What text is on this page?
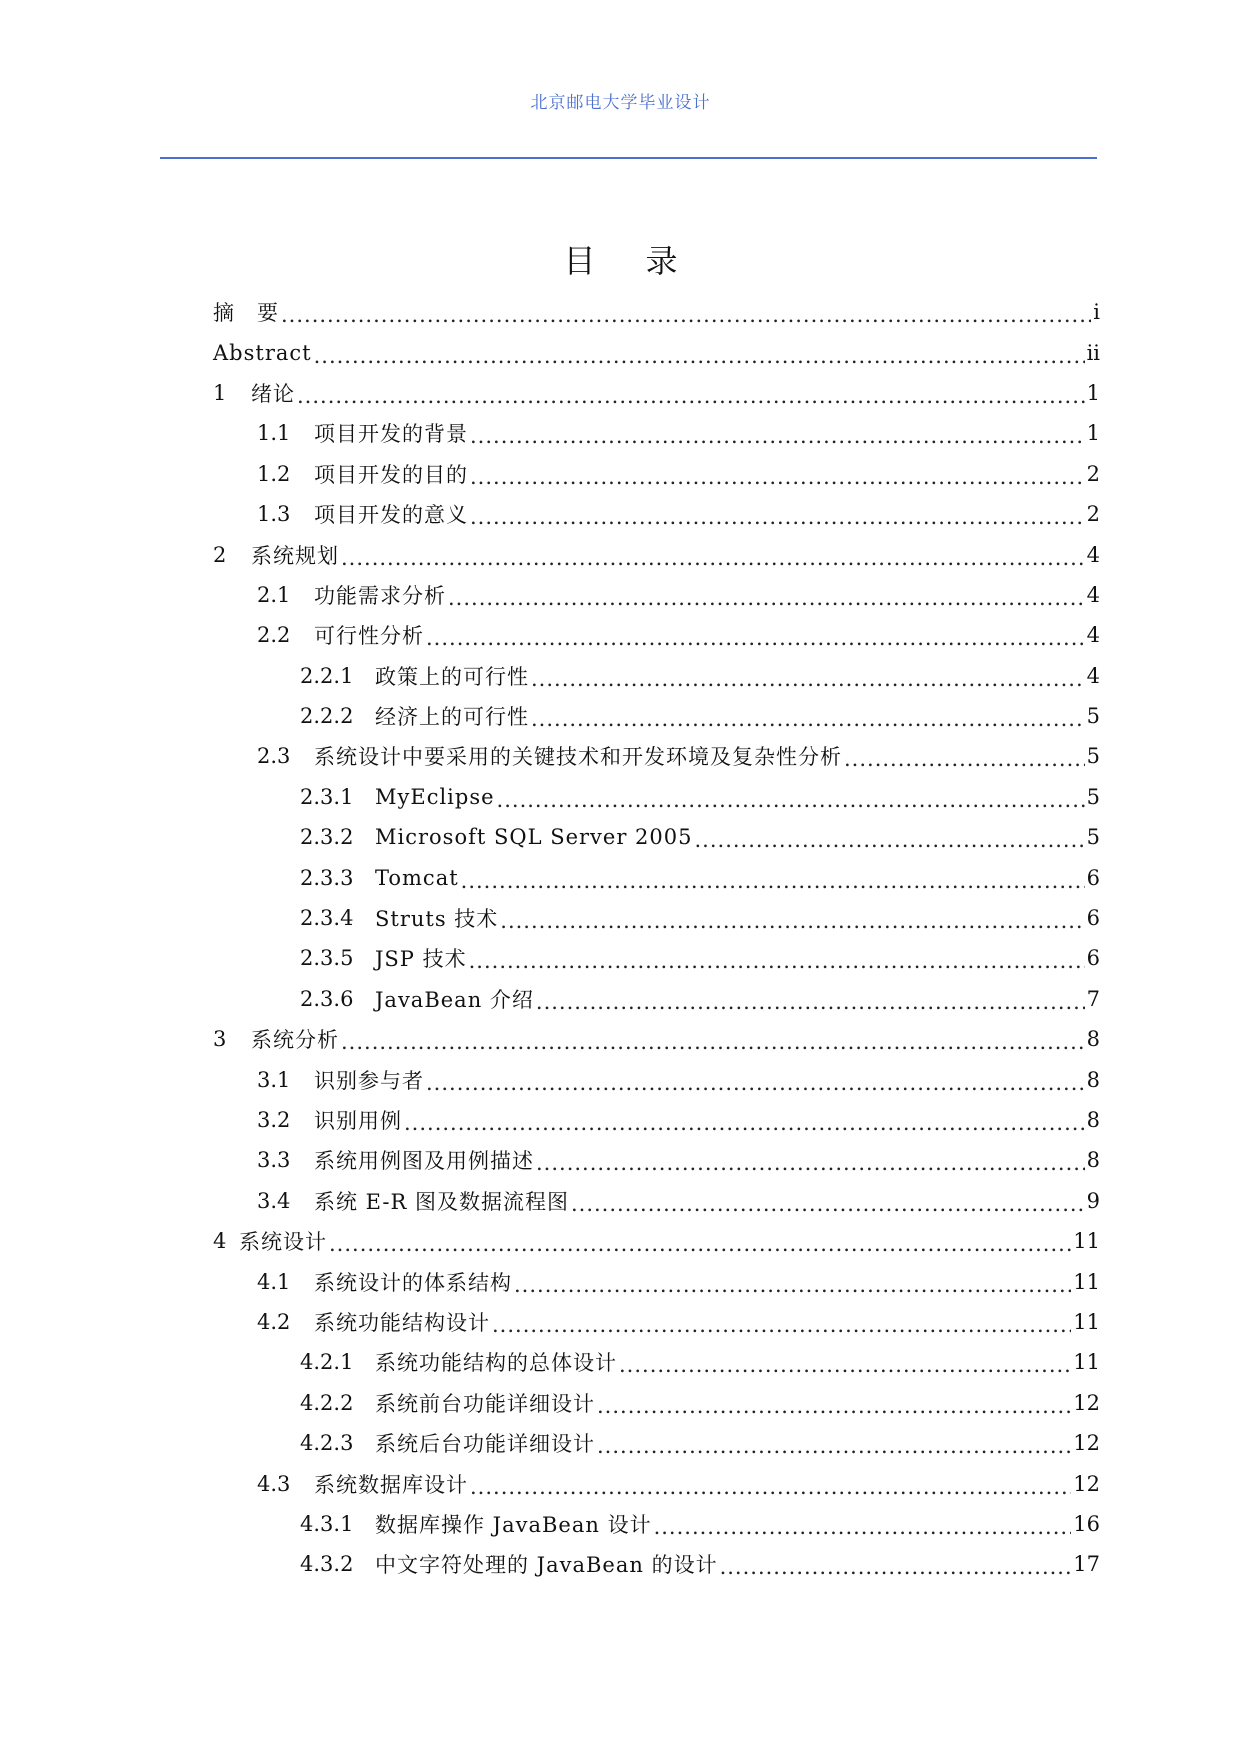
北京邮电大学毕业设计
目录
摘　要 .....	i
Abstract .....	ii
1	绪论 .....	1
1.1	项目开发的背景 .....	1
1.2	项目开发的目的 .....	2
1.3	项目开发的意义 .....	2
2	系统规划 .....	4
2.1	功能需求分析 .....	4
2.2	可行性分析 .....	4
2.2.1	政策上的可行性 .....	4
2.2.2	经济上的可行性 .....	5
2.3	系统设计中要采用的关键技术和开发环境及复杂性分析 .....	5
2.3.1	MyEclipse .....	5
2.3.2	Microsoft SQL Server 2005 .....	5
2.3.3	Tomcat .....	6
2.3.4	Struts 技术 .....	6
2.3.5	JSP 技术 .....	6
2.3.6	JavaBean 介绍 .....	7
3	系统分析 .....	8
3.1	识别参与者 .....	8
3.2	识别用例 .....	8
3.3	系统用例图及用例描述 .....	8
3.4	系统 E-R 图及数据流程图 .....	9
4 系统设计 .....	11
4.1	系统设计的体系结构 .....	11
4.2	系统功能结构设计 .....	11
4.2.1	系统功能结构的总体设计 .....	11
4.2.2	系统前台功能详细设计 .....	12
4.2.3	系统后台功能详细设计 .....	12
4.3	系统数据库设计 .....	12
4.3.1	数据库操作 JavaBean 设计 .....	16
4.3.2	中文字符处理的 JavaBean 的设计 .....	17
